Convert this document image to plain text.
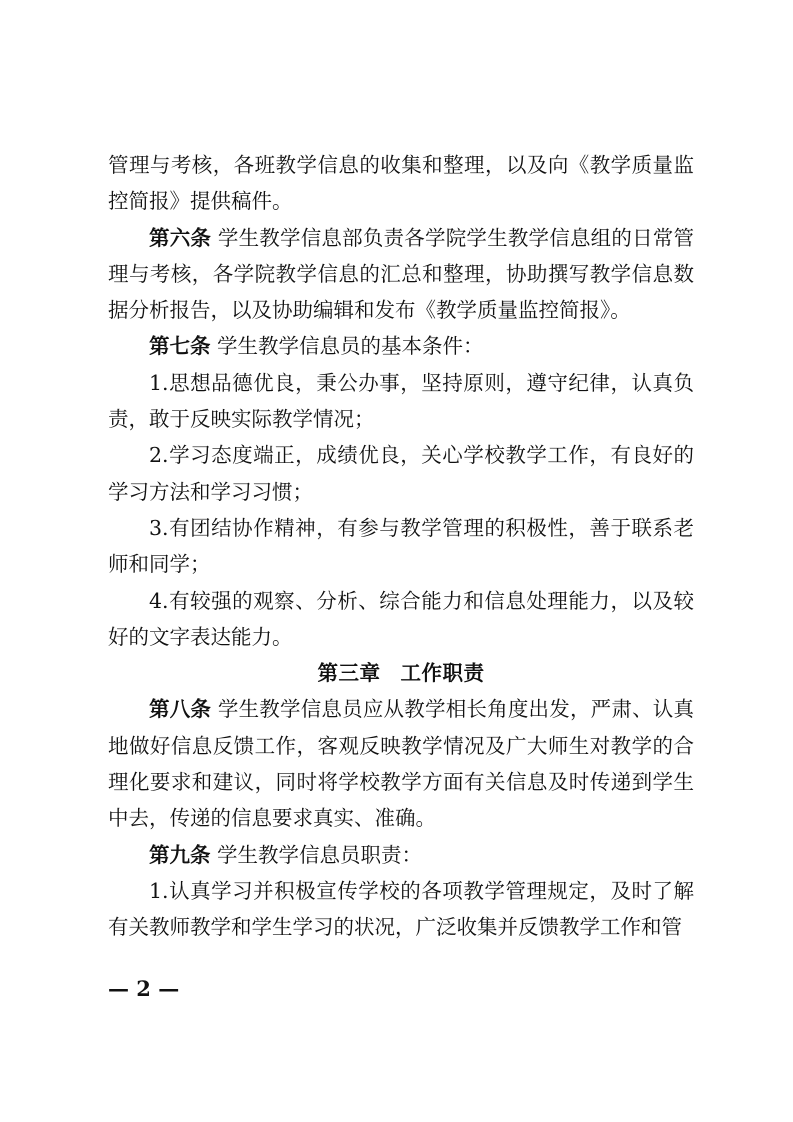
管理与考核，各班教学信息的收集和整理，以及向《教学质量监控简报》提供稿件。

第六条 学生教学信息部负责各学院学生教学信息组的日常管理与考核，各学院教学信息的汇总和整理，协助撰写教学信息数据分析报告，以及协助编辑和发布《教学质量监控简报》。

第七条 学生教学信息员的基本条件：

1.思想品德优良，秉公办事，坚持原则，遵守纪律，认真负责，敢于反映实际教学情况；

2.学习态度端正，成绩优良，关心学校教学工作，有良好的学习方法和学习习惯；

3.有团结协作精神，有参与教学管理的积极性，善于联系老师和同学；

4.有较强的观察、分析、综合能力和信息处理能力，以及较好的文字表达能力。

第三章 工作职责

第八条 学生教学信息员应从教学相长角度出发，严肃、认真地做好信息反馈工作，客观反映教学情况及广大师生对教学的合理化要求和建议，同时将学校教学方面有关信息及时传递到学生中去，传递的信息要求真实、准确。

第九条 学生教学信息员职责：

1.认真学习并积极宣传学校的各项教学管理规定，及时了解有关教师教学和学生学习的状况，广泛收集并反馈教学工作和管

— 2 —
